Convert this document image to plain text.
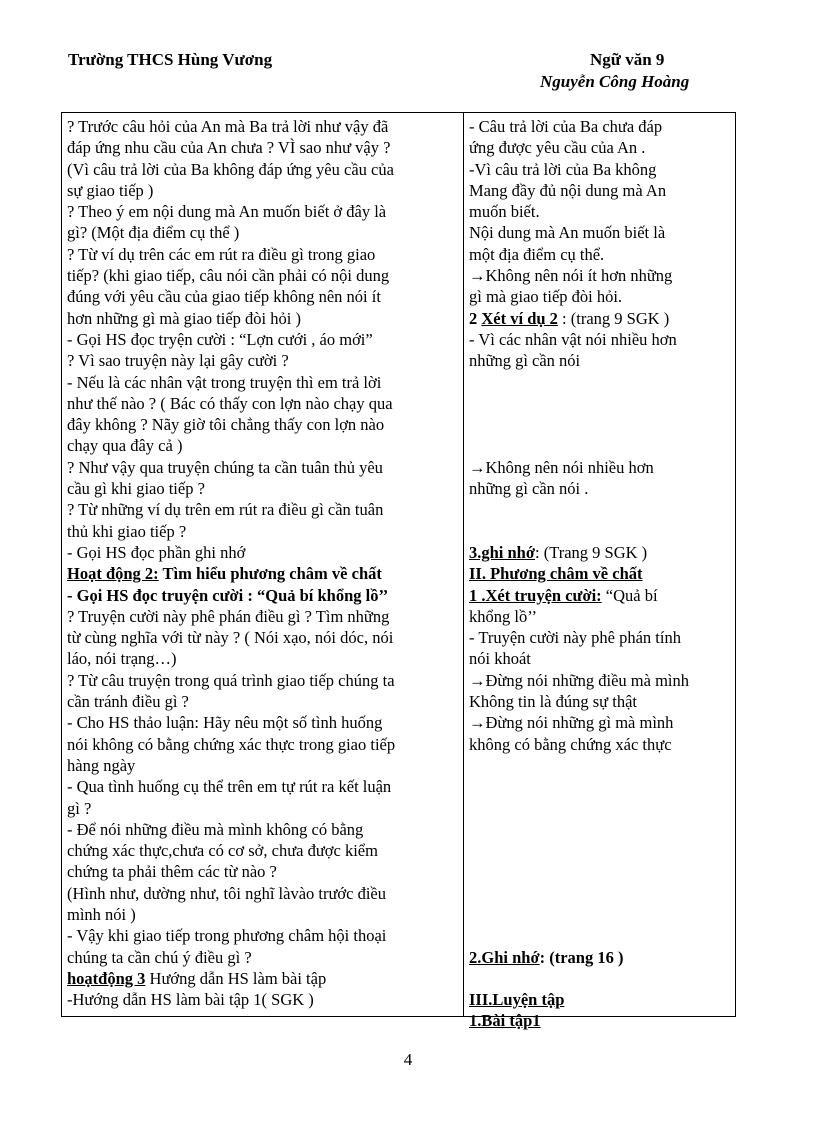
Trường THCS Hùng Vương	Ngữ văn 9
Nguyễn Công Hoàng
? Trước câu hỏi của An mà Ba trả lời như vậy đã
đáp ứng nhu cầu của An chưa ? VÌ sao như vậy ?
(Vì câu trả lời của Ba không đáp ứng yêu cầu của
sự giao tiếp )
? Theo ý em nội dung mà An muốn biết ở đây là
gì? (Một địa điểm cụ thể )
? Từ ví dụ trên các em rút ra điều gì trong giao
tiếp? (khi giao tiếp, câu nói cần phải có nội dung
đúng với yêu cầu của giao tiếp không nên nói ít
hơn những gì mà giao tiếp đòi hỏi )
- Gọi HS đọc tryện cười : “Lợn cưới , áo mới”
? Vì sao truyện này lại gây cười ?
- Nếu là các nhân vật trong truyện thì em trả lời
như thế nào ? ( Bác có thấy con lợn nào chạy qua
đây không ? Nãy giờ tôi chẳng thấy con lợn nào
chạy qua đây cả )
? Như vậy qua truyện chúng ta cần tuân thủ yêu
cầu gì khi giao tiếp ?
? Từ những ví dụ trên em rút ra điều gì cần tuân
thủ khi giao tiếp ?
- Gọi HS đọc phần ghi nhớ
Hoạt động 2: Tìm hiểu phương châm về chất
- Gọi HS đọc truyện cười : “Quả bí khổng lồ’’
? Truyện cười này phê phán điều gì ? Tìm những
từ cùng nghĩa với từ này ? ( Nói xạo, nói dóc, nói
láo, nói trạng…)
? Từ câu truyện trong quá trình giao tiếp chúng ta
cần tránh điều gì ?
- Cho HS thảo luận: Hãy nêu một số tình huống
nói không có bằng chứng xác thực trong giao tiếp
hàng ngày
- Qua tình huống cụ thể trên em tự rút ra kết luận
gì ?
- Để nói những điều mà mình không có bằng
chứng xác thực,chưa có cơ sở, chưa được kiểm
chứng ta phải thêm các từ nào ?
(Hình như, dường như, tôi nghĩ làvào trước điều
mình nói )
- Vậy khi giao tiếp trong phương châm hội thoại
chúng ta cần chú ý điều gì ?
hoạtđộng 3 Hướng dẫn HS làm bài tập
-Hướng dẫn HS làm bài tập 1( SGK )
- Câu trả lời của Ba chưa đáp
ứng được yêu cầu của An .
-Vì câu trả lời của Ba không
Mang đầy đủ nội dung mà An
muốn biết.
Nội dung mà An muốn biết là
một địa điểm cụ thể.
→Không nên nói ít hơn những
gì mà giao tiếp đòi hỏi.
2 Xét ví dụ 2 : (trang 9 SGK )
- Vì các nhân vật nói nhiều hơn
những gì cần nói
→Không nên nói nhiều hơn
những gì cần nói .
3.ghi nhớ: (Trang 9 SGK )
II. Phương châm về chất
1 .Xét truyện cười: “Quả bí
khổng lồ’’
- Truyện cười này phê phán tính
nói khoát
→Đừng nói những điều mà mình
Không tin là đúng sự thật
→Đừng nói những gì mà mình
không có bằng chứng xác thực
2.Ghi nhớ: (trang 16 )
III.Luyện tập
1.Bài tập1
4
